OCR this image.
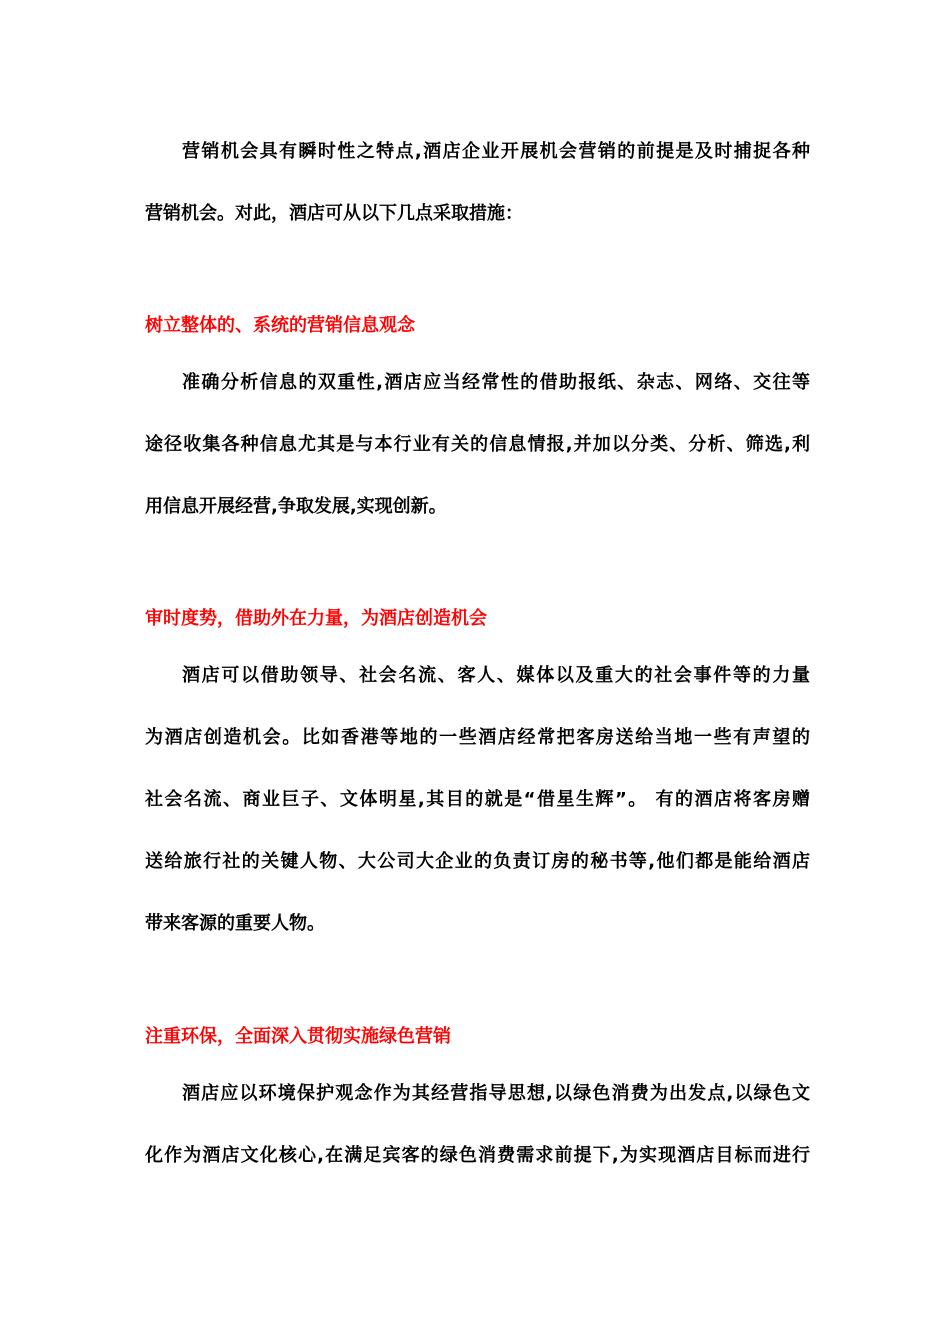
营销机会具有瞬时性之特点,酒店企业开展机会营销的前提是及时捕捉各种
营销机会。对此，酒店可从以下几点采取措施：
树立整体的、系统的营销信息观念
准确分析信息的双重性,酒店应当经常性的借助报纸、杂志、网络、交往等
途径收集各种信息尤其是与本行业有关的信息情报,并加以分类、分析、筛选,利
用信息开展经营,争取发展,实现创新。
审时度势，借助外在力量，为酒店创造机会
酒店可以借助领导、社会名流、客人、媒体以及重大的社会事件等的力量
为酒店创造机会。比如香港等地的一些酒店经常把客房送给当地一些有声望的
社会名流、商业巨子、文体明星,其目的就是“借星生辉”。 有的酒店将客房赠
送给旅行社的关键人物、大公司大企业的负责订房的秘书等,他们都是能给酒店
带来客源的重要人物。
注重环保，全面深入贯彻实施绿色营销
酒店应以环境保护观念作为其经营指导思想,以绿色消费为出发点,以绿色文
化作为酒店文化核心,在满足宾客的绿色消费需求前提下,为实现酒店目标而进行
